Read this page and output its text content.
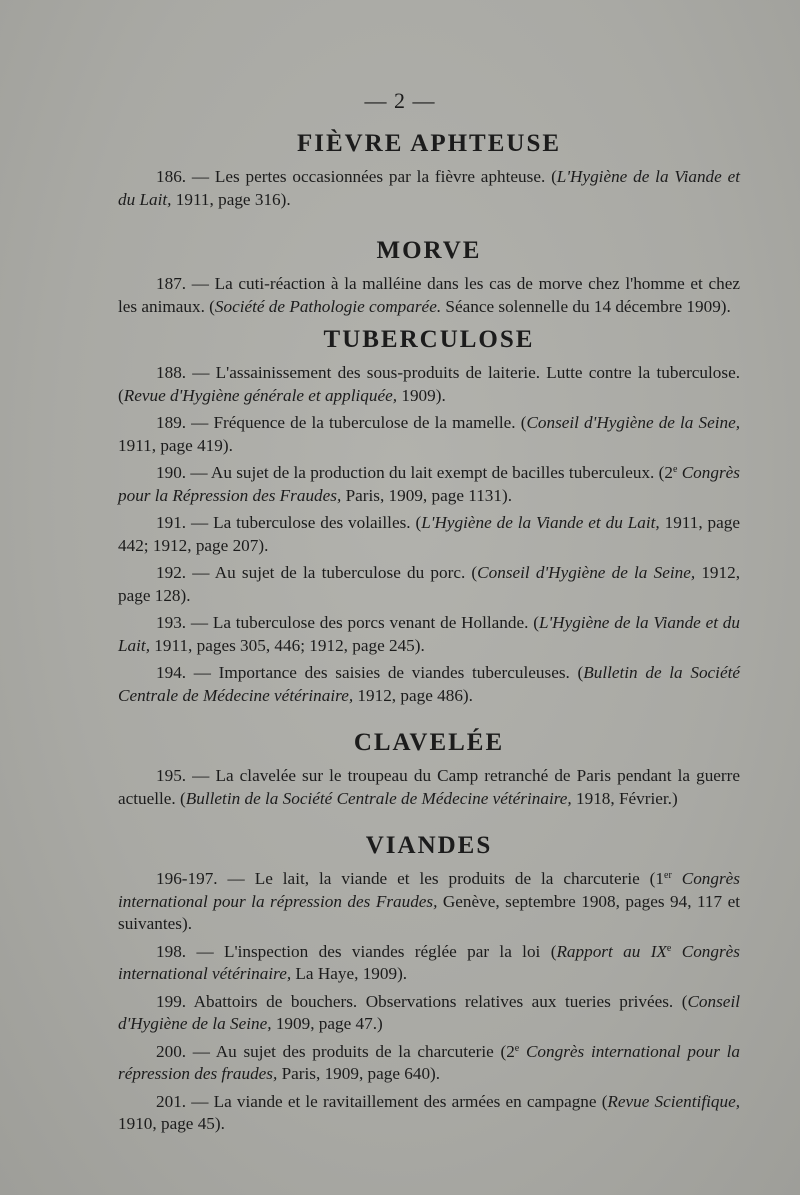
— 2 —
FIÈVRE APHTEUSE

186. — Les pertes occasionnées par la fièvre aphteuse. (L'Hygiène de la Viande et du Lait, 1911, page 316).

MORVE

187. — La cuti-réaction à la malléine dans les cas de morve chez l'homme et chez les animaux. (Société de Pathologie comparée. Séance solennelle du 14 décembre 1909).

TUBERCULOSE

188. — L'assainissement des sous-produits de laiterie. Lutte contre la tuberculose. (Revue d'Hygiène générale et appliquée, 1909).

189. — Fréquence de la tuberculose de la mamelle. (Conseil d'Hygiène de la Seine, 1911, page 419).

190. — Au sujet de la production du lait exempt de bacilles tuberculeux. (2e Congrès pour la Répression des Fraudes, Paris, 1909, page 1131).

191. — La tuberculose des volailles. (L'Hygiène de la Viande et du Lait, 1911, page 442; 1912, page 207).

192. — Au sujet de la tuberculose du porc. (Conseil d'Hygiène de la Seine, 1912, page 128).

193. — La tuberculose des porcs venant de Hollande. (L'Hygiène de la Viande et du Lait, 1911, pages 305, 446; 1912, page 245).

194. — Importance des saisies de viandes tuberculeuses. (Bulletin de la Société Centrale de Médecine vétérinaire, 1912, page 486).

CLAVELÉE

195. — La clavelée sur le troupeau du Camp retranché de Paris pendant la guerre actuelle. (Bulletin de la Société Centrale de Médecine vétérinaire, 1918, Février.)

VIANDES

196-197. — Le lait, la viande et les produits de la charcuterie (1er Congrès international pour la répression des Fraudes, Genève, septembre 1908, pages 94, 117 et suivantes).

198. — L'inspection des viandes réglée par la loi (Rapport au IXe Congrès international vétérinaire, La Haye, 1909).

199. Abattoirs de bouchers. Observations relatives aux tueries privées. (Conseil d'Hygiène de la Seine, 1909, page 47.)

200. — Au sujet des produits de la charcuterie (2e Congrès international pour la répression des fraudes, Paris, 1909, page 640).

201. — La viande et le ravitaillement des armées en campagne (Revue Scientifique, 1910, page 45).
